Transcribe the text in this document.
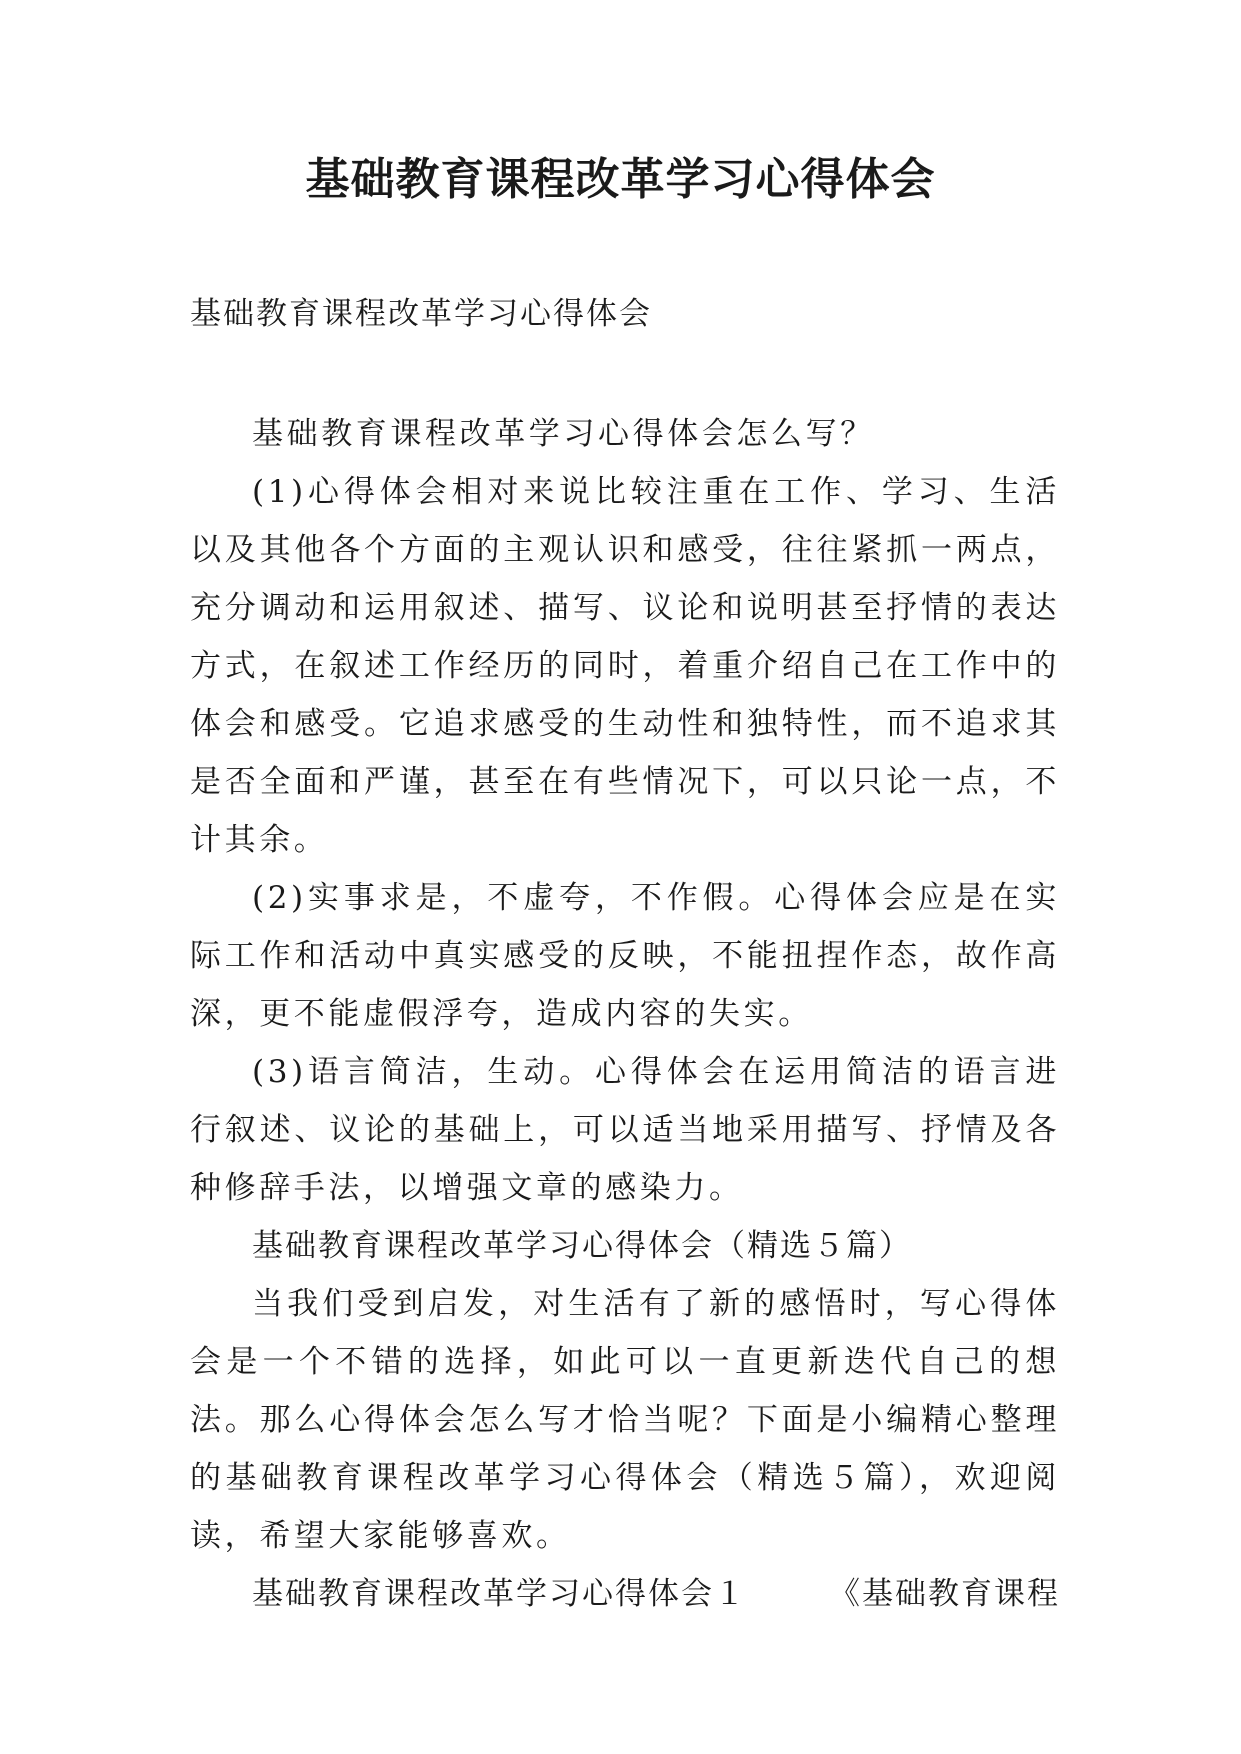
基础教育课程改革学习心得体会

基础教育课程改革学习心得体会

基础教育课程改革学习心得体会怎么写？

(1)心得体会相对来说比较注重在工作、学习、生活以及其他各个方面的主观认识和感受，往往紧抓一两点，充分调动和运用叙述、描写、议论和说明甚至抒情的表达方式，在叙述工作经历的同时，着重介绍自己在工作中的体会和感受。它追求感受的生动性和独特性，而不追求其是否全面和严谨，甚至在有些情况下，可以只论一点，不计其余。

(2)实事求是，不虚夸，不作假。心得体会应是在实际工作和活动中真实感受的反映，不能扭捏作态，故作高深，更不能虚假浮夸，造成内容的失实。

(3)语言简洁，生动。心得体会在运用简洁的语言进行叙述、议论的基础上，可以适当地采用描写、抒情及各种修辞手法，以增强文章的感染力。

基础教育课程改革学习心得体会（精选５篇）

当我们受到启发，对生活有了新的感悟时，写心得体会是一个不错的选择，如此可以一直更新迭代自己的想法。那么心得体会怎么写才恰当呢？下面是小编精心整理的基础教育课程改革学习心得体会（精选５篇），欢迎阅读，希望大家能够喜欢。

基础教育课程改革学习心得体会１	《基础教育课程
